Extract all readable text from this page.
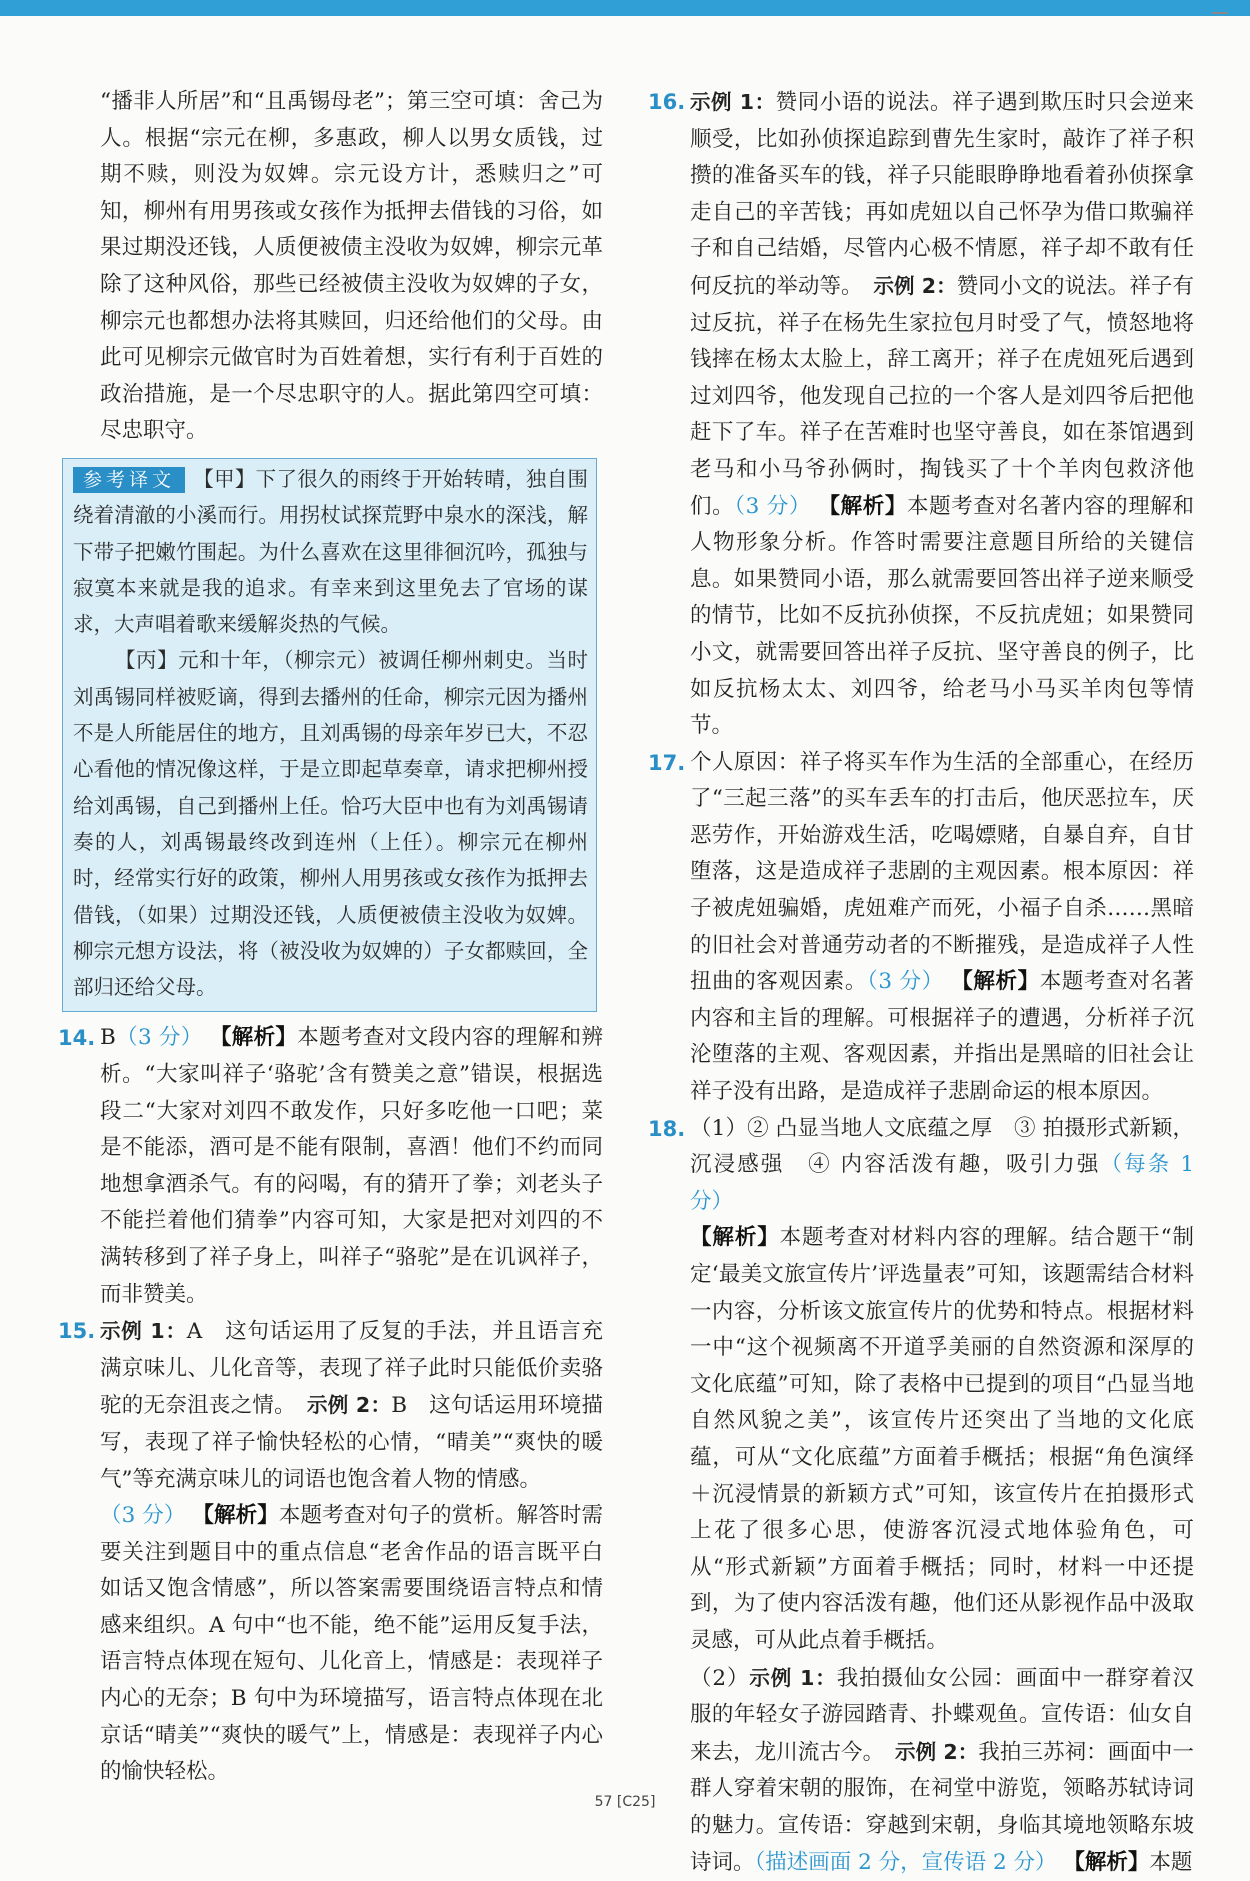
“播非人所居”和“且禹锡母老”；第三空可填：舍己为人。根据“宗元在柳，多惠政，柳人以男女质钱，过期不赎，则没为奴婢。宗元设方计，悉赎归之”可知，柳州有用男孩或女孩作为抵押去借钱的习俗，如果过期没还钱，人质便被债主没收为奴婢，柳宗元革除了这种风俗，那些已经被债主没收为奴婢的子女，柳宗元也都想办法将其赎回，归还给他们的父母。由此可见柳宗元做官时为百姓着想，实行有利于百姓的政治措施，是一个尽忠职守的人。据此第四空可填：尽忠职守。

参考译文 【甲】下了很久的雨终于开始转晴，独自围绕着清澈的小溪而行。用拐杖试探荒野中泉水的深浅，解下带子把嫩竹围起。为什么喜欢在这里徘徊沉吟，孤独与寂寞本来就是我的追求。有幸来到这里免去了官场的谋求，大声唱着歌来缓解炎热的气候。

【丙】元和十年，（柳宗元）被调任柳州刺史。当时刘禹锡同样被贬谪，得到去播州的任命，柳宗元因为播州不是人所能居住的地方，且刘禹锡的母亲年岁已大，不忍心看他的情况像这样，于是立即起草奏章，请求把柳州授给刘禹锡，自己到播州上任。恰巧大臣中也有为刘禹锡请奏的人，刘禹锡最终改到连州（上任）。柳宗元在柳州时，经常实行好的政策，柳州人用男孩或女孩作为抵押去借钱，（如果）过期没还钱，人质便被债主没收为奴婢。柳宗元想方设法，将（被没收为奴婢的）子女都赎回，全部归还给父母。

14. B（3 分） 【解析】本题考查对文段内容的理解和辨析。“大家叫祥子‘骆驼’含有赞美之意”错误，根据选段二“大家对刘四不敢发作，只好多吃他一口吧；菜是不能添，酒可是不能有限制，喜酒！他们不约而同地想拿酒杀气。有的闷喝，有的猜开了拳；刘老头子不能拦着他们猜拳”内容可知，大家是把对刘四的不满转移到了祥子身上，叫祥子“骆驼”是在讥讽祥子，而非赞美。
15. 示例 1：A　这句话运用了反复的手法，并且语言充满京味儿、儿化音等，表现了祥子此时只能低价卖骆驼的无奈沮丧之情。　示例 2：B　这句话运用环境描写，表现了祥子愉快轻松的心情，“晴美”“爽快的暖气”等充满京味儿的词语也饱含着人物的情感。
（3 分） 【解析】本题考查对句子的赏析。解答时需要关注到题目中的重点信息“老舍作品的语言既平白如话又饱含情感”，所以答案需要围绕语言特点和情感来组织。A 句中“也不能，绝不能”运用反复手法，语言特点体现在短句、儿化音上，情感是：表现祥子内心的无奈；B 句中为环境描写，语言特点体现在北京话“晴美”“爽快的暖气”上，情感是：表现祥子内心的愉快轻松。
16. 示例 1：赞同小语的说法。祥子遇到欺压时只会逆来顺受，比如孙侦探追踪到曹先生家时，敲诈了祥子积攒的准备买车的钱，祥子只能眼睁睁地看着孙侦探拿走自己的辛苦钱；再如虎妞以自己怀孕为借口欺骗祥子和自己结婚，尽管内心极不情愿，祥子却不敢有任何反抗的举动等。　示例 2：赞同小文的说法。祥子有过反抗，祥子在杨先生家拉包月时受了气，愤怒地将钱摔在杨太太脸上，辞工离开；祥子在虎妞死后遇到过刘四爷，他发现自己拉的一个客人是刘四爷后把他赶下了车。祥子在苦难时也坚守善良，如在茶馆遇到老马和小马爷孙俩时，掏钱买了十个羊肉包救济他们。（3 分） 【解析】本题考查对名著内容的理解和人物形象分析。作答时需要注意题目所给的关键信息。如果赞同小语，那么就需要回答出祥子逆来顺受的情节，比如不反抗孙侦探，不反抗虎妞；如果赞同小文，就需要回答出祥子反抗、坚守善良的例子，比如反抗杨太太、刘四爷，给老马小马买羊肉包等情节。
17. 个人原因：祥子将买车作为生活的全部重心，在经历了“三起三落”的买车丢车的打击后，他厌恶拉车，厌恶劳作，开始游戏生活，吃喝嫖赌，自暴自弃，自甘堕落，这是造成祥子悲剧的主观因素。根本原因：祥子被虎妞骗婚，虎妞难产而死，小福子自杀……黑暗的旧社会对普通劳动者的不断摧残，是造成祥子人性扭曲的客观因素。（3 分） 【解析】本题考查对名著内容和主旨的理解。可根据祥子的遭遇，分析祥子沉沦堕落的主观、客观因素，并指出是黑暗的旧社会让祥子没有出路，是造成祥子悲剧命运的根本原因。
18. （1）② 凸显当地人文底蕴之厚　③ 拍摄形式新颖，沉浸感强　④ 内容活泼有趣，吸引力强（每条 1 分）
【解析】本题考查对材料内容的理解。结合题干“制定‘最美文旅宣传片’评选量表”可知，该题需结合材料一内容，分析该文旅宣传片的优势和特点。根据材料一中“这个视频离不开道孚美丽的自然资源和深厚的文化底蕴”可知，除了表格中已提到的项目“凸显当地自然风貌之美”，该宣传片还突出了当地的文化底蕴，可从“文化底蕴”方面着手概括；根据“角色演绎＋沉浸情景的新颖方式”可知，该宣传片在拍摄形式上花了很多心思，使游客沉浸式地体验角色，可从“形式新颖”方面着手概括；同时，材料一中还提到，为了使内容活泼有趣，他们还从影视作品中汲取灵感，可从此点着手概括。

（2）示例 1：我拍摄仙女公园：画面中一群穿着汉服的年轻女子游园踏青、扑蝶观鱼。宣传语：仙女自来去，龙川流古今。　示例 2：我拍三苏祠：画面中一群人穿着宋朝的服饰，在祠堂中游览，领略苏轼诗词的魅力。宣传语：穿越到宋朝，身临其境地领略东坡诗词。（描述画面 2 分，宣传语 2 分） 【解析】本题

57 [C25]
